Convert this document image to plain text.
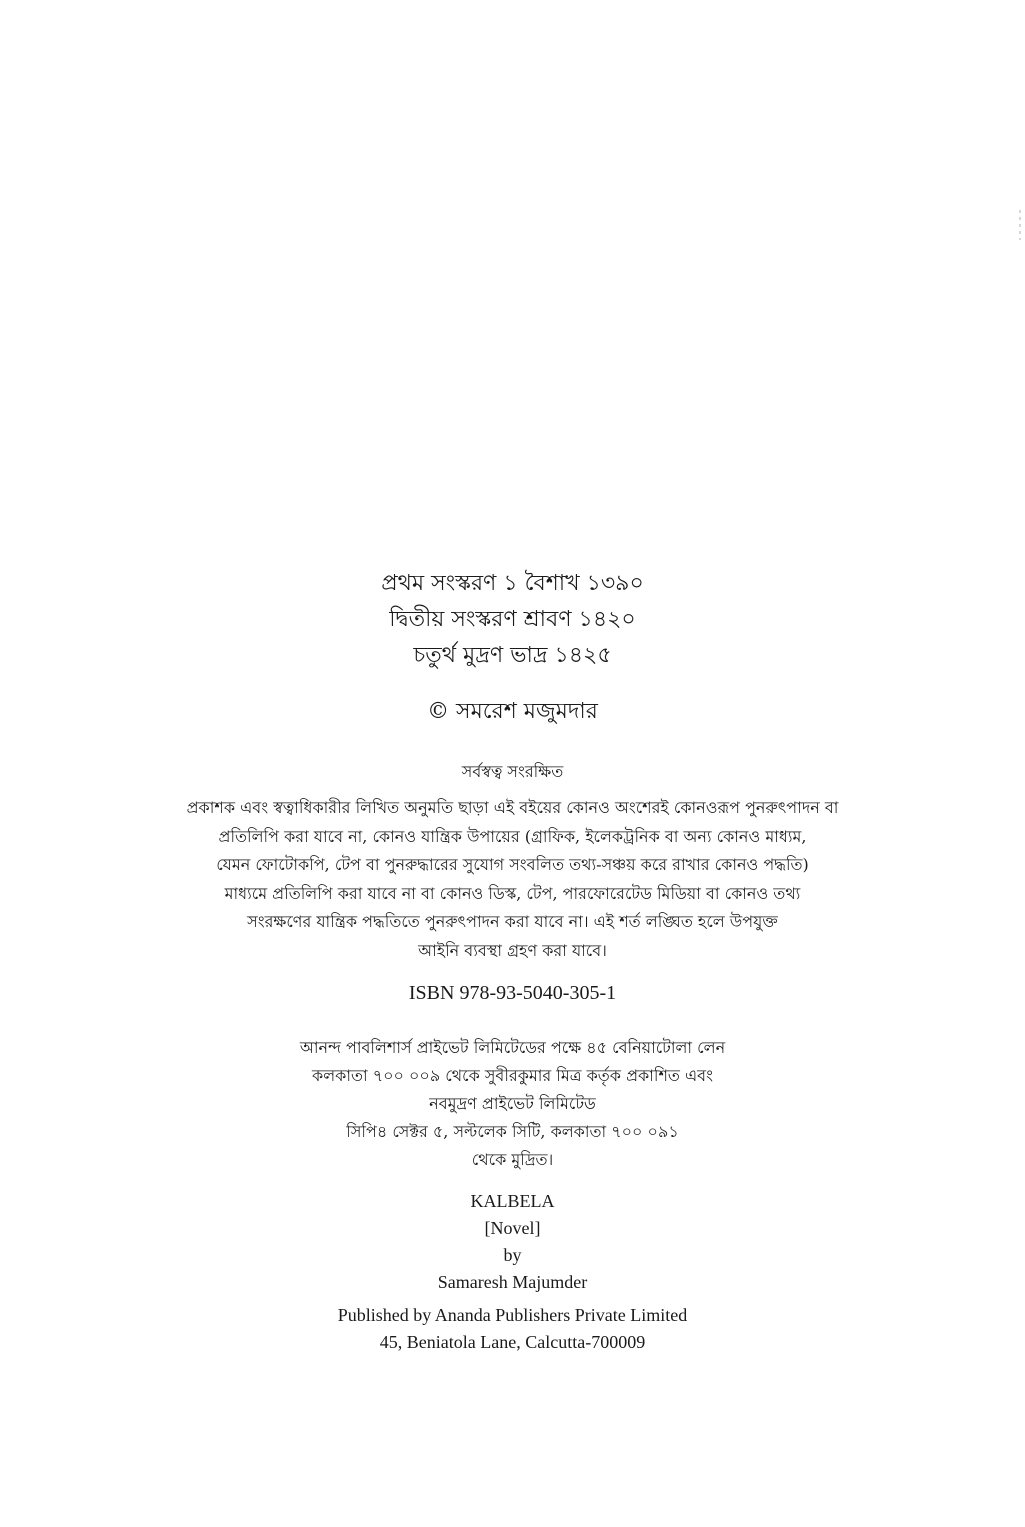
প্রথম সংস্করণ ১ বৈশাখ ১৩৯০
দ্বিতীয় সংস্করণ শ্রাবণ ১৪২০
চতুর্থ মুদ্রণ ভাদ্র ১৪২৫
© সমরেশ মজুমদার
সর্বস্বত্ব সংরক্ষিত
প্রকাশক এবং স্বত্বাধিকারীর লিখিত অনুমতি ছাড়া এই বইয়ের কোনও অংশেরই কোনওরূপ পুনরুৎপাদন বা
প্রতিলিপি করা যাবে না, কোনও যান্ত্রিক উপায়ের (গ্রাফিক, ইলেকট্রনিক বা অন্য কোনও মাধ্যম,
যেমন ফোটোকপি, টেপ বা পুনরুদ্ধারের সুযোগ সংবলিত তথ্য-সঞ্চয় করে রাখার কোনও পদ্ধতি)
মাধ্যমে প্রতিলিপি করা যাবে না বা কোনও ডিস্ক, টেপ, পারফোরেটেড মিডিয়া বা কোনও তথ্য
সংরক্ষণের যান্ত্রিক পদ্ধতিতে পুনরুৎপাদন করা যাবে না। এই শর্ত লঙ্ঘিত হলে উপযুক্ত
আইনি ব্যবস্থা গ্রহণ করা যাবে।
ISBN 978-93-5040-305-1
আনন্দ পাবলিশার্স প্রাইভেট লিমিটেডের পক্ষে ৪৫ বেনিয়াটোলা লেন
কলকাতা ৭০০ ০০৯ থেকে সুবীরকুমার মিত্র কর্তৃক প্রকাশিত এবং
নবমুদ্রণ প্রাইভেট লিমিটেড
সিপি৪ সেক্টর ৫, সল্টলেক সিটি, কলকাতা ৭০০ ০৯১
থেকে মুদ্রিত।
KALBELA
[Novel]
by
Samaresh Majumder
Published by Ananda Publishers Private Limited
45, Beniatola Lane, Calcutta-700009
